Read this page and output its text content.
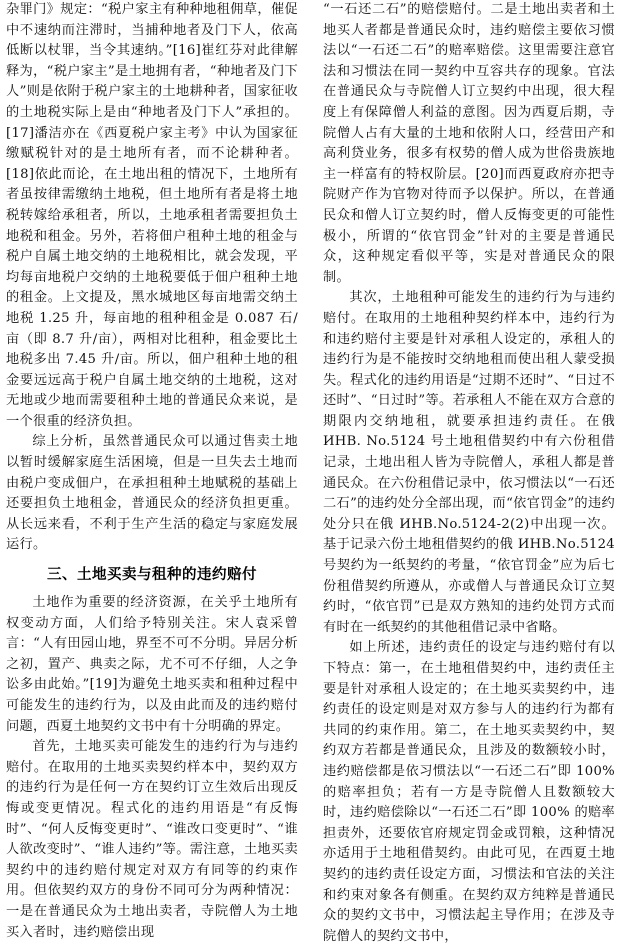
杂罪门》规定：“税户家主有种种地租佣草，催促中不速纳而注滞时，当捕种地者及门下人，依高低断以杖罪，当令其速纳。”[16]崔红芬对此律解释为，“税户家主”是土地拥有者，“种地者及门下人”则是依附于税户家主的土地耕种者，国家征收的土地税实际上是由“种地者及门下人”承担的。[17]潘洁亦在《西夏税户家主考》中认为国家征缴赋税针对的是土地所有者，而不论耕种者。[18]依此而论，在土地出租的情况下，土地所有者虽按律需缴纳土地税，但土地所有者是将土地税转嫁给承租者，所以，土地承租者需要担负土地税和租金。另外，若将佃户租种土地的租金与税户自属土地交纳的土地税相比，就会发现，平均每亩地税户交纳的土地税要低于佃户租种土地的租金。上文提及，黑水城地区每亩地需交纳土地税 1.25 升，每亩地的租种租金是 0.087 石/亩（即 8.7 升/亩），两相对比租种，租金要比土地税多出 7.45 升/亩。所以，佃户租种土地的租金要远远高于税户自属土地交纳的土地税，这对无地或少地而需要租种土地的普通民众来说，是一个很重的经济负担。

综上分析，虽然普通民众可以通过售卖土地以暂时缓解家庭生活困境，但是一旦失去土地而由税户变成佃户，在承担租种土地赋税的基础上还要担负土地租金，普通民众的经济负担更重。从长远来看，不利于生产生活的稳定与家庭发展运行。

三、土地买卖与租种的违约赔付

土地作为重要的经济资源，在关乎土地所有权变动方面，人们给予特别关注。宋人袁采曾言：“人有田园山地，界至不可不分明。异居分析之初，置产、典卖之际，尤不可不仔细，人之争讼多由此始。”[19]为避免土地买卖和租种过程中可能发生的违约行为，以及由此而及的违约赔付问题，西夏土地契约文书中有十分明确的界定。

首先，土地买卖可能发生的违约行为与违约赔付。在取用的土地买卖契约样本中，契约双方的违约行为是任何一方在契约订立生效后出现反悔或变更情况。程式化的违约用语是“有反悔时”、“何人反悔变更时”、“谁改口变更时”、“谁人欲改变时”、“谁人违约”等。需注意，土地买卖契约中的违约赔付规定对双方有同等的约束作用。但依契约双方的身份不同可分为两种情况：一是在普通民众为土地出卖者，寺院僧人为土地买入者时，违约赔偿出现

“一石还二石”的赔偿赔付。二是土地出卖者和土地买人者都是普通民众时，违约赔偿主要依习惯法以“一石还二石”的赔率赔偿。这里需要注意官法和习惯法在同一契约中互容共存的现象。官法在普通民众与寺院僧人订立契约中出现，很大程度上有保障僧人利益的意图。因为西夏后期，寺院僧人占有大量的土地和依附人口，经营田产和高利贷业务，很多有权势的僧人成为世俗贵族地主一样富有的特权阶层。[20]而西夏政府亦把寺院财产作为官物对待而予以保护。所以，在普通民众和僧人订立契约时，僧人反悔变更的可能性极小，所谓的“依官罚金”针对的主要是普通民众，这种规定看似平等，实是对普通民众的限制。

其次，土地租种可能发生的违约行为与违约赔付。在取用的土地租种契约样本中，违约行为和违约赔付主要是针对承租人设定的，承租人的违约行为是不能按时交纳地租而使出租人蒙受损失。程式化的违约用语是“过期不还时”、“日过不还时”、“日过时”等。若承租人不能在双方合意的期限内交纳地租，就要承担违约责任。在俄 ИНВ. No.5124 号土地租借契约中有六份租借记录，土地出租人皆为寺院僧人，承租人都是普通民众。在六份租借记录中，依习惯法以“一石还二石”的违约处分全部出现，而“依官罚金”的违约处分只在俄 ИНВ.No.5124-2(2)中出现一次。基于记录六份土地租借契约的俄 ИНВ.No.5124 号契约为一纸契约的考量，“依官罚金”应为后七份租借契约所遵从，亦或僧人与普通民众订立契约时，“依官罚”已是双方熟知的违约处罚方式而有时在一纸契约的其他租借记录中省略。

如上所述，违约责任的设定与违约赔付有以下特点：第一，在土地租借契约中，违约责任主要是针对承租人设定的；在土地买卖契约中，违约责任的设定则是对双方参与人的违约行为都有共同的约束作用。第二，在土地买卖契约中，契约双方若都是普通民众，且涉及的数额较小时，违约赔偿都是依习惯法以“一石还二石”即 100% 的赔率担负；若有一方是寺院僧人且数额较大时，违约赔偿除以“一石还二石”即 100% 的赔率担责外，还要依官府规定罚金或罚粮，这种情况亦适用于土地租借契约。由此可见，在西夏土地契约的违约责任设定方面，习惯法和官法的关注和约束对象各有侧重。在契约双方纯粹是普通民众的契约文书中，习惯法起主导作用；在涉及寺院僧人的契约文书中，
